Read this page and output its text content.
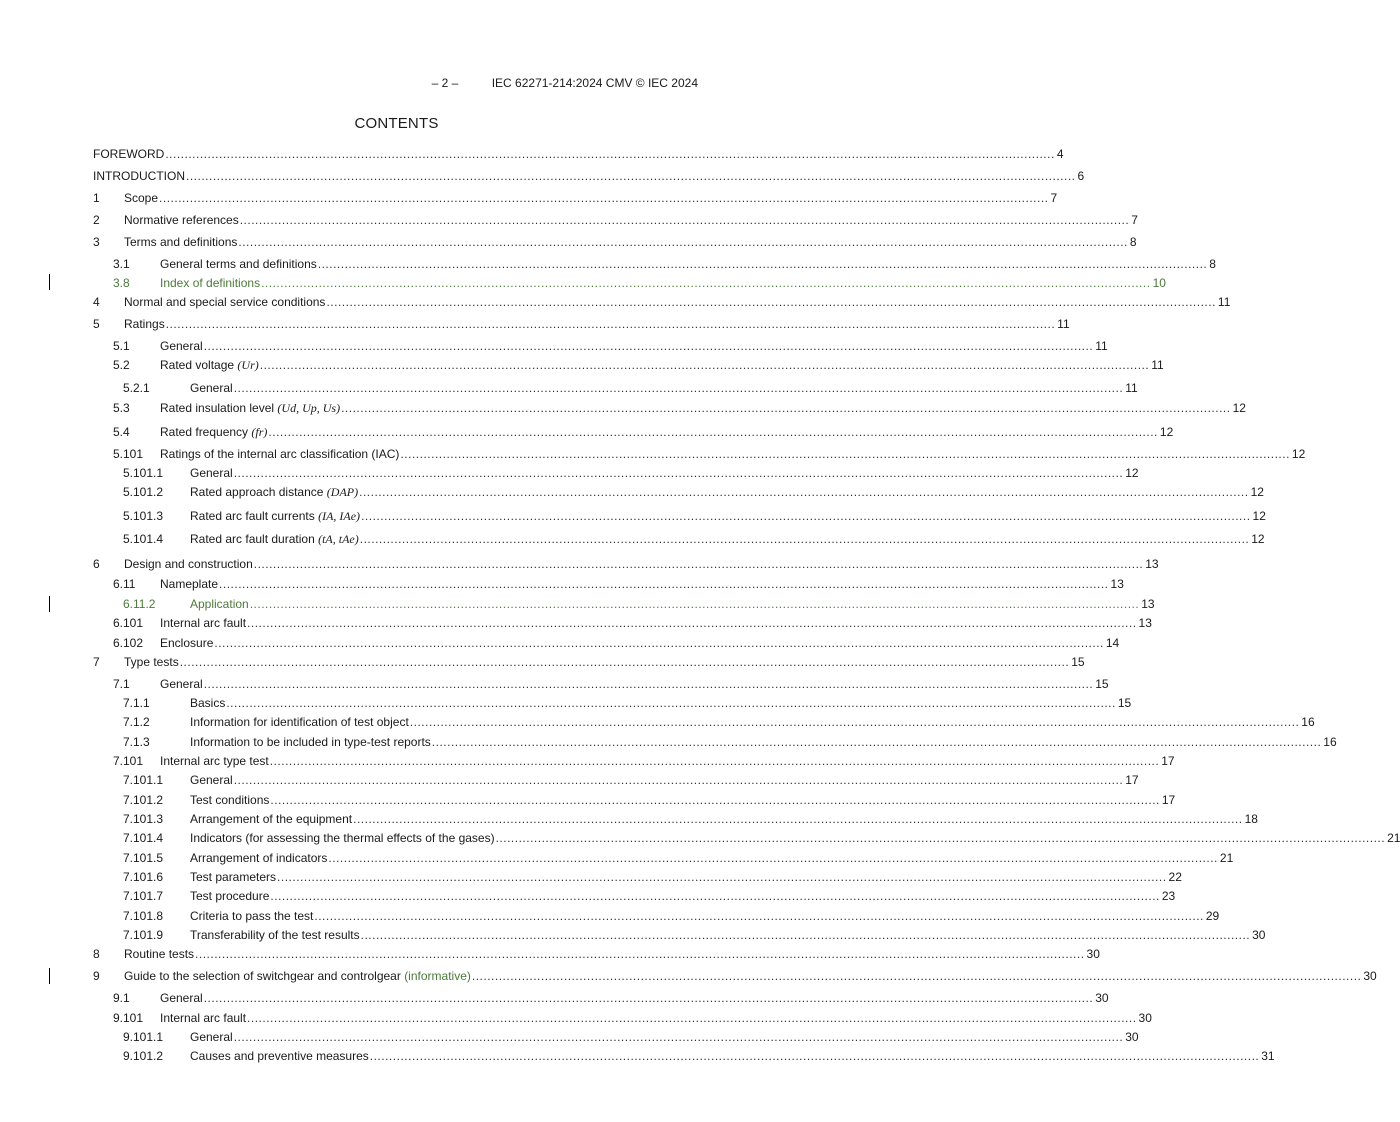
– 2 –	IEC 62271-214:2024 CMV © IEC 2024
CONTENTS
FOREWORD .....	4
INTRODUCTION .....	6
1	Scope .....	7
2	Normative references .....	7
3	Terms and definitions .....	8
3.1	General terms and definitions .....	8
3.8	Index of definitions .....	10
4	Normal and special service conditions .....	11
5	Ratings .....	11
5.1	General .....	11
5.2	Rated voltage (Ur) .....	11
5.2.1	General .....	11
5.3	Rated insulation level (Ud, Up, Us) .....	12
5.4	Rated frequency (fr) .....	12
5.101	Ratings of the internal arc classification (IAC) .....	12
5.101.1	General .....	12
5.101.2	Rated approach distance (DAP) .....	12
5.101.3	Rated arc fault currents (IA, IAe) .....	12
5.101.4	Rated arc fault duration (tA, tAe) .....	12
6	Design and construction .....	13
6.11	Nameplate .....	13
6.11.2	Application .....	13
6.101	Internal arc fault .....	13
6.102	Enclosure .....	14
7	Type tests .....	15
7.1	General .....	15
7.1.1	Basics .....	15
7.1.2	Information for identification of test object .....	16
7.1.3	Information to be included in type-test reports .....	16
7.101	Internal arc type test .....	17
7.101.1	General .....	17
7.101.2	Test conditions .....	17
7.101.3	Arrangement of the equipment .....	18
7.101.4	Indicators (for assessing the thermal effects of the gases) .....	21
7.101.5	Arrangement of indicators .....	21
7.101.6	Test parameters .....	22
7.101.7	Test procedure .....	23
7.101.8	Criteria to pass the test .....	29
7.101.9	Transferability of the test results .....	30
8	Routine tests .....	30
9	Guide to the selection of switchgear and controlgear (informative) .....	30
9.1	General .....	30
9.101	Internal arc fault .....	30
9.101.1	General .....	30
9.101.2	Causes and preventive measures .....	31
